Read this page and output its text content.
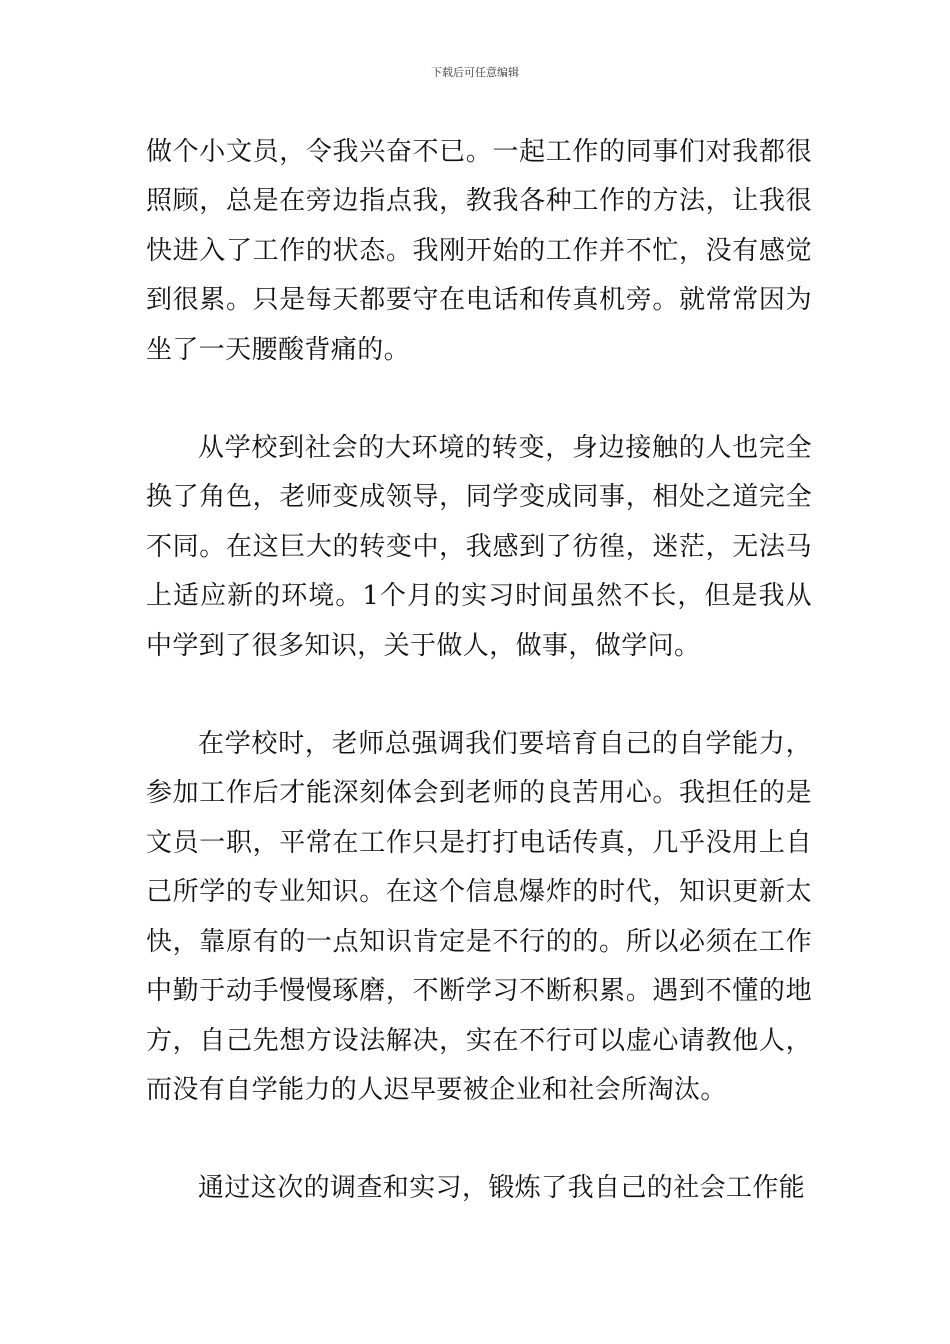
下载后可任意编辑

做个小文员，令我兴奋不已。一起工作的同事们对我都很照顾，总是在旁边指点我，教我各种工作的方法，让我很快进入了工作的状态。我刚开始的工作并不忙，没有感觉到很累。只是每天都要守在电话和传真机旁。就常常因为坐了一天腰酸背痛的。

从学校到社会的大环境的转变，身边接触的人也完全换了角色，老师变成领导，同学变成同事，相处之道完全不同。在这巨大的转变中，我感到了彷徨，迷茫，无法马上适应新的环境。1个月的实习时间虽然不长，但是我从中学到了很多知识，关于做人，做事，做学问。

在学校时，老师总强调我们要培育自己的自学能力，参加工作后才能深刻体会到老师的良苦用心。我担任的是文员一职，平常在工作只是打打电话传真，几乎没用上自己所学的专业知识。在这个信息爆炸的时代，知识更新太快，靠原有的一点知识肯定是不行的的。所以必须在工作中勤于动手慢慢琢磨，不断学习不断积累。遇到不懂的地方，自己先想方设法解决，实在不行可以虚心请教他人，而没有自学能力的人迟早要被企业和社会所淘汰。

通过这次的调查和实习，锻炼了我自己的社会工作能
